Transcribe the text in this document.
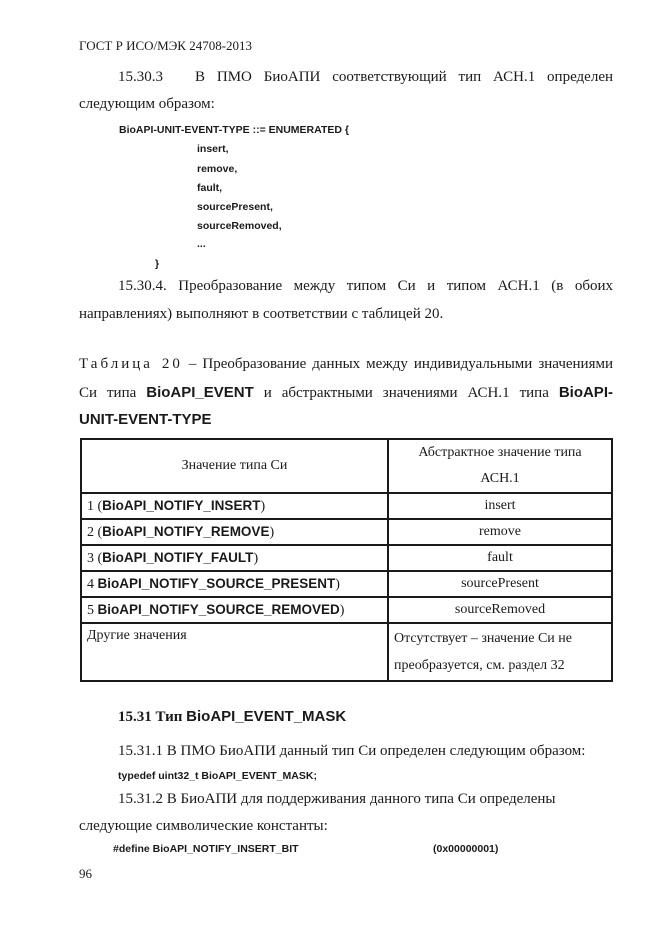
ГОСТ Р ИСО/МЭК 24708-2013
15.30.3 В ПМО БиоАПИ соответствующий тип АСН.1 определен
следующим образом:
BioAPI-UNIT-EVENT-TYPE ::= ENUMERATED {
insert,
remove,
fault,
sourcePresent,
sourceRemoved,
...
}
15.30.4. Преобразование между типом Си и типом АСН.1 (в обоих
направлениях) выполняют в соответствии с таблицей 20.
Таблица 20 – Преобразование данных между индивидуальными значениями
Си типа BioAPI_EVENT и абстрактными значениями АСН.1 типа BioAPI-
UNIT-EVENT-TYPE
Значение типа Си	Абстрактное значение типа
АСН.1

1 (BioAPI_NOTIFY_INSERT)	insert
2 (BioAPI_NOTIFY_REMOVE)	remove
3 (BioAPI_NOTIFY_FAULT)	fault
4 BioAPI_NOTIFY_SOURCE_PRESENT)	sourcePresent
5 BioAPI_NOTIFY_SOURCE_REMOVED)	sourceRemoved
Другие значения	Отсутствует – значение Си не
преобразуется, см. раздел 32
15.31 Тип BioAPI_EVENT_MASK
15.31.1 В ПМО БиоАПИ данный тип Си определен следующим образом:
typedef uint32_t BioAPI_EVENT_MASK;
15.31.2 В БиоАПИ для поддерживания данного типа Си определены
следующие символические константы:
#define BioAPI_NOTIFY_INSERT_BIT	(0x00000001)
96
